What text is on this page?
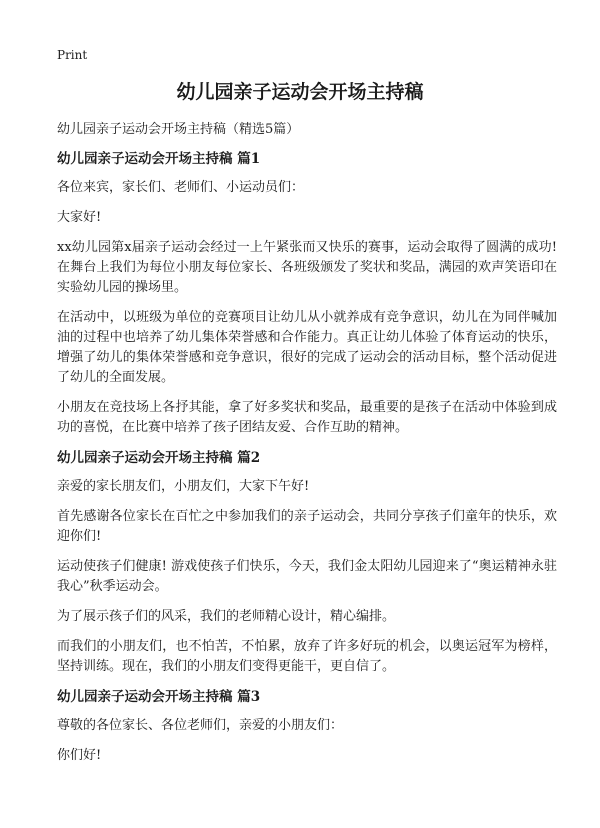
Print
幼儿园亲子运动会开场主持稿

幼儿园亲子运动会开场主持稿（精选5篇）

幼儿园亲子运动会开场主持稿 篇1

各位来宾，家长们、老师们、小运动员们：

大家好!

xx幼儿园第x届亲子运动会经过一上午紧张而又快乐的赛事，运动会取得了圆满的成功!在舞台上我们为每位小朋友每位家长、各班级颁发了奖状和奖品，满园的欢声笑语印在实验幼儿园的操场里。

在活动中，以班级为单位的竞赛项目让幼儿从小就养成有竞争意识，幼儿在为同伴喊加油的过程中也培养了幼儿集体荣誉感和合作能力。真正让幼儿体验了体育运动的快乐，增强了幼儿的集体荣誉感和竞争意识，很好的完成了运动会的活动目标，整个活动促进了幼儿的全面发展。

小朋友在竞技场上各抒其能，拿了好多奖状和奖品，最重要的是孩子在活动中体验到成功的喜悦，在比赛中培养了孩子团结友爱、合作互助的精神。

幼儿园亲子运动会开场主持稿 篇2

亲爱的家长朋友们，小朋友们，大家下午好!

首先感谢各位家长在百忙之中参加我们的亲子运动会，共同分享孩子们童年的快乐，欢迎你们!

运动使孩子们健康! 游戏使孩子们快乐，今天，我们金太阳幼儿园迎来了“奥运精神永驻我心”秋季运动会。

为了展示孩子们的风采，我们的老师精心设计，精心编排。

而我们的小朋友们，也不怕苦，不怕累，放弃了许多好玩的机会，以奥运冠军为榜样，坚持训练。现在，我们的小朋友们变得更能干，更自信了。

幼儿园亲子运动会开场主持稿 篇3

尊敬的各位家长、各位老师们，亲爱的小朋友们：

你们好!
